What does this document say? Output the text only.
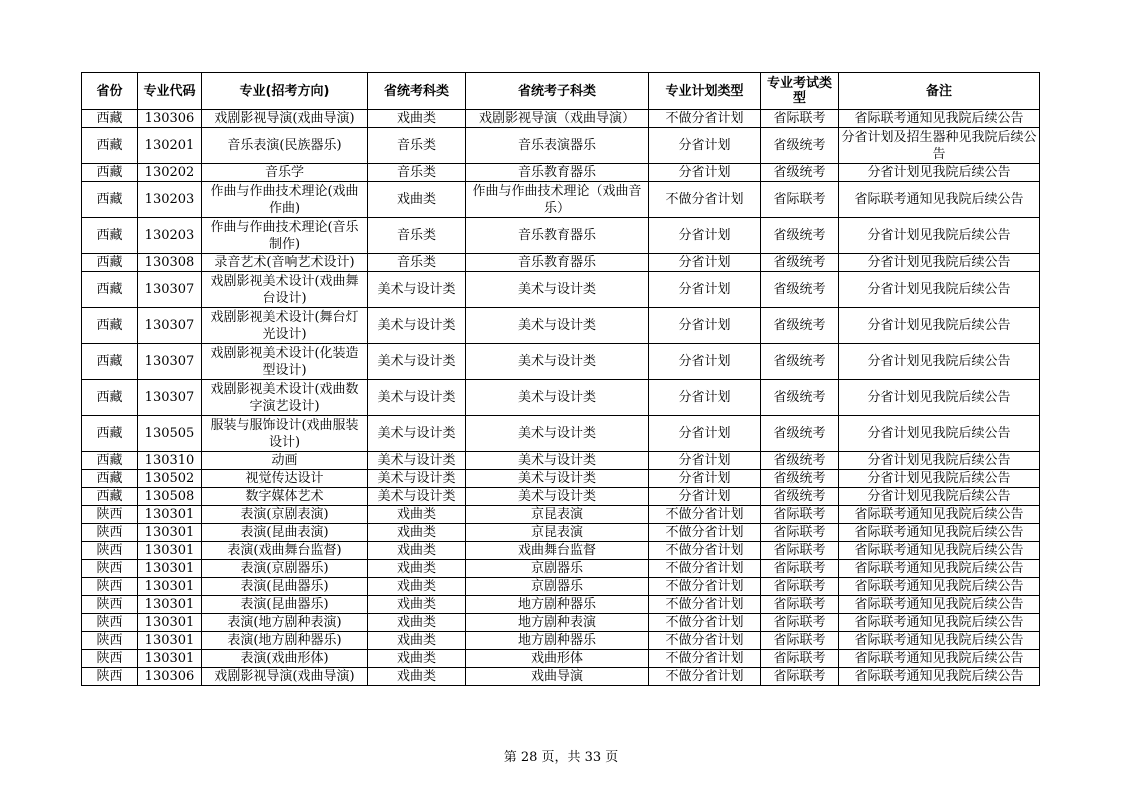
省份	专业代码	专业(招考方向)	省统考科类	省统考子科类	专业计划类型	专业考试类型	备注
西藏	130306	戏剧影视导演(戏曲导演)	戏曲类	戏剧影视导演（戏曲导演）	不做分省计划	省际联考	省际联考通知见我院后续公告
西藏	130201	音乐表演(民族器乐)	音乐类	音乐表演器乐	分省计划	省级统考	分省计划及招生器种见我院后续公告
西藏	130202	音乐学	音乐类	音乐教育器乐	分省计划	省级统考	分省计划见我院后续公告
西藏	130203	作曲与作曲技术理论(戏曲作曲)	戏曲类	作曲与作曲技术理论（戏曲音乐）	不做分省计划	省际联考	省际联考通知见我院后续公告
西藏	130203	作曲与作曲技术理论(音乐制作)	音乐类	音乐教育器乐	分省计划	省级统考	分省计划见我院后续公告
西藏	130308	录音艺术(音响艺术设计)	音乐类	音乐教育器乐	分省计划	省级统考	分省计划见我院后续公告
西藏	130307	戏剧影视美术设计(戏曲舞台设计)	美术与设计类	美术与设计类	分省计划	省级统考	分省计划见我院后续公告
西藏	130307	戏剧影视美术设计(舞台灯光设计)	美术与设计类	美术与设计类	分省计划	省级统考	分省计划见我院后续公告
西藏	130307	戏剧影视美术设计(化装造型设计)	美术与设计类	美术与设计类	分省计划	省级统考	分省计划见我院后续公告
西藏	130307	戏剧影视美术设计(戏曲数字演艺设计)	美术与设计类	美术与设计类	分省计划	省级统考	分省计划见我院后续公告
西藏	130505	服装与服饰设计(戏曲服装设计)	美术与设计类	美术与设计类	分省计划	省级统考	分省计划见我院后续公告
西藏	130310	动画	美术与设计类	美术与设计类	分省计划	省级统考	分省计划见我院后续公告
西藏	130502	视觉传达设计	美术与设计类	美术与设计类	分省计划	省级统考	分省计划见我院后续公告
西藏	130508	数字媒体艺术	美术与设计类	美术与设计类	分省计划	省级统考	分省计划见我院后续公告
陕西	130301	表演(京剧表演)	戏曲类	京昆表演	不做分省计划	省际联考	省际联考通知见我院后续公告
陕西	130301	表演(昆曲表演)	戏曲类	京昆表演	不做分省计划	省际联考	省际联考通知见我院后续公告
陕西	130301	表演(戏曲舞台监督)	戏曲类	戏曲舞台监督	不做分省计划	省际联考	省际联考通知见我院后续公告
陕西	130301	表演(京剧器乐)	戏曲类	京剧器乐	不做分省计划	省际联考	省际联考通知见我院后续公告
陕西	130301	表演(昆曲器乐)	戏曲类	京剧器乐	不做分省计划	省际联考	省际联考通知见我院后续公告
陕西	130301	表演(昆曲器乐)	戏曲类	地方剧种器乐	不做分省计划	省际联考	省际联考通知见我院后续公告
陕西	130301	表演(地方剧种表演)	戏曲类	地方剧种表演	不做分省计划	省际联考	省际联考通知见我院后续公告
陕西	130301	表演(地方剧种器乐)	戏曲类	地方剧种器乐	不做分省计划	省际联考	省际联考通知见我院后续公告
陕西	130301	表演(戏曲形体)	戏曲类	戏曲形体	不做分省计划	省际联考	省际联考通知见我院后续公告
陕西	130306	戏剧影视导演(戏曲导演)	戏曲类	戏曲导演	不做分省计划	省际联考	省际联考通知见我院后续公告
第 28 页，共 33 页
